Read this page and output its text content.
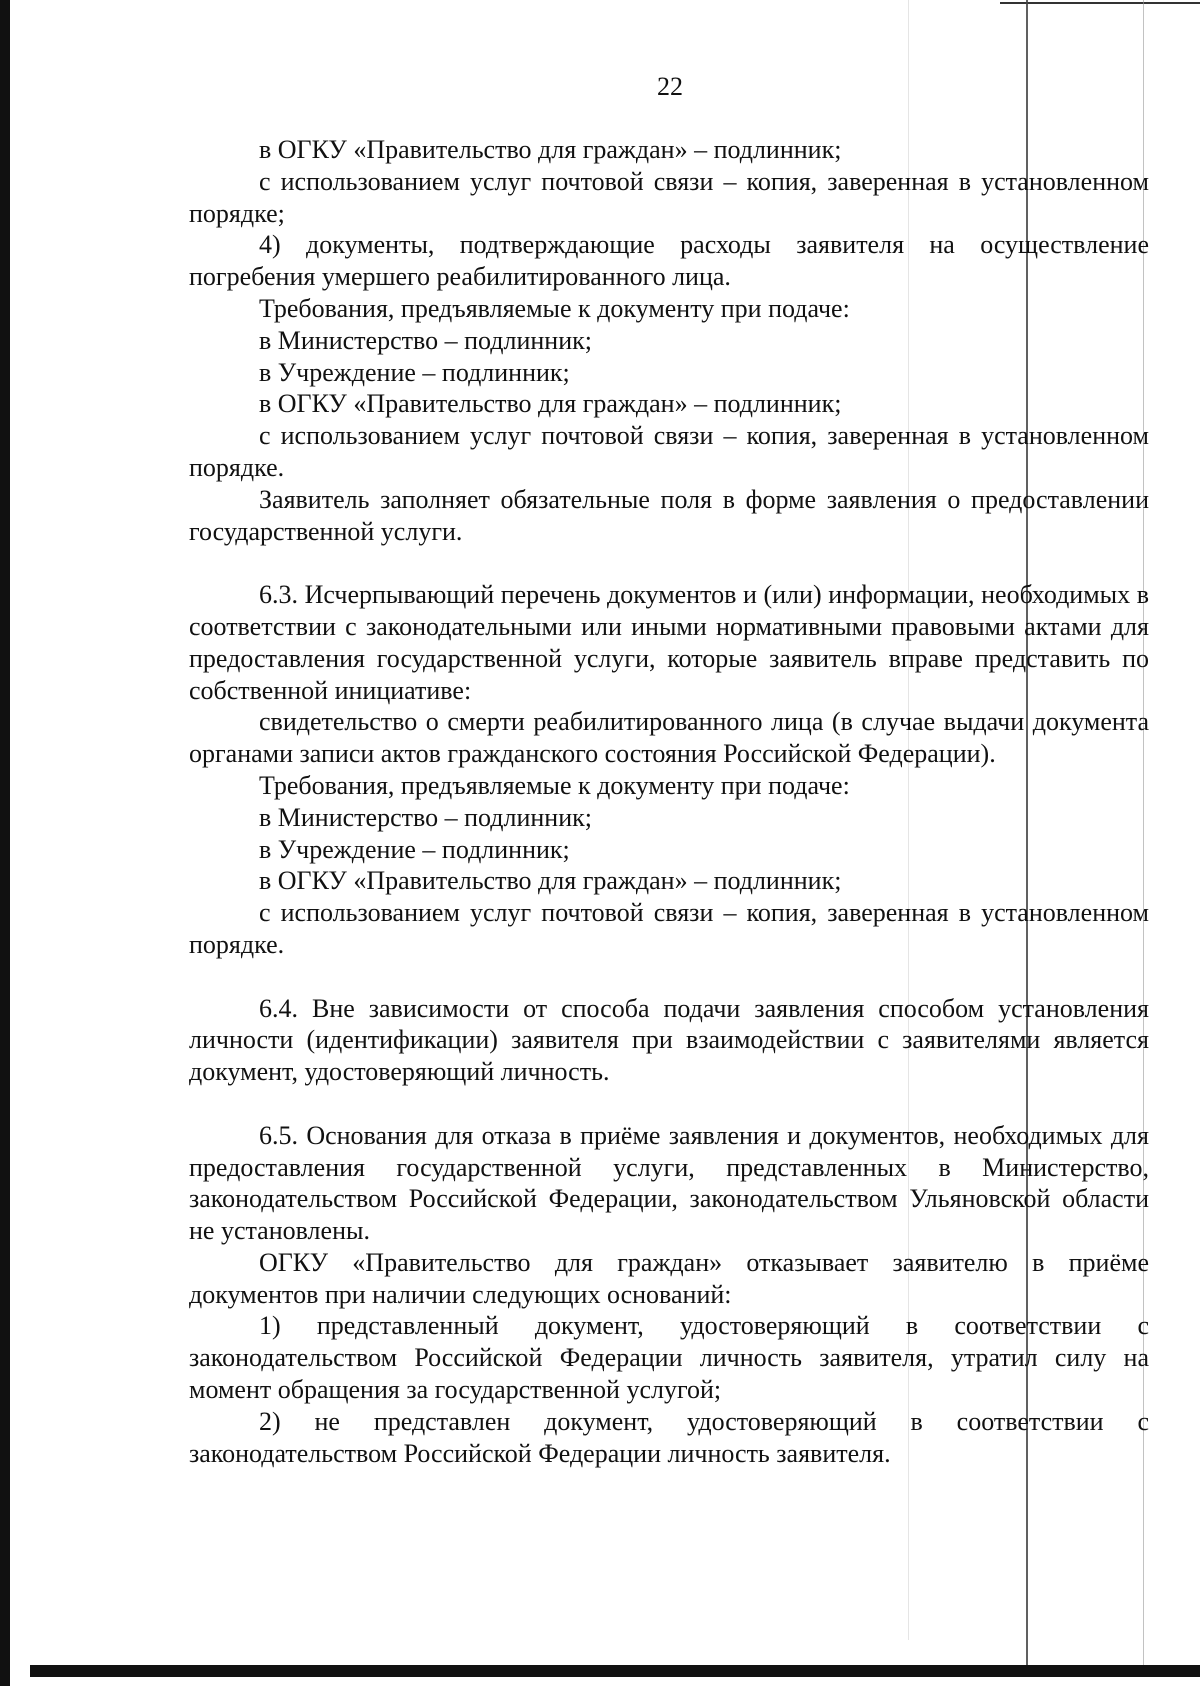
22

в ОГКУ «Правительство для граждан» – подлинник;

с использованием услуг почтовой связи – копия, заверенная в установленном порядке;

4) документы, подтверждающие расходы заявителя на осуществление погребения умершего реабилитированного лица.

Требования, предъявляемые к документу при подаче:

в Министерство – подлинник;

в Учреждение – подлинник;

в ОГКУ «Правительство для граждан» – подлинник;

с использованием услуг почтовой связи – копия, заверенная в установленном порядке.

Заявитель заполняет обязательные поля в форме заявления о предоставлении государственной услуги.

6.3. Исчерпывающий перечень документов и (или) информации, необходимых в соответствии с законодательными или иными нормативными правовыми актами для предоставления государственной услуги, которые заявитель вправе представить по собственной инициативе:

свидетельство о смерти реабилитированного лица (в случае выдачи документа органами записи актов гражданского состояния Российской Федерации).

Требования, предъявляемые к документу при подаче:

в Министерство – подлинник;

в Учреждение – подлинник;

в ОГКУ «Правительство для граждан» – подлинник;

с использованием услуг почтовой связи – копия, заверенная в установленном порядке.

6.4. Вне зависимости от способа подачи заявления способом установления личности (идентификации) заявителя при взаимодействии с заявителями является документ, удостоверяющий личность.

6.5. Основания для отказа в приёме заявления и документов, необходимых для предоставления государственной услуги, представленных в Министерство, законодательством Российской Федерации, законодательством Ульяновской области не установлены.

ОГКУ «Правительство для граждан» отказывает заявителю в приёме документов при наличии следующих оснований:

1) представленный документ, удостоверяющий в соответствии с законодательством Российской Федерации личность заявителя, утратил силу на момент обращения за государственной услугой;

2) не представлен документ, удостоверяющий в соответствии с законодательством Российской Федерации личность заявителя.
